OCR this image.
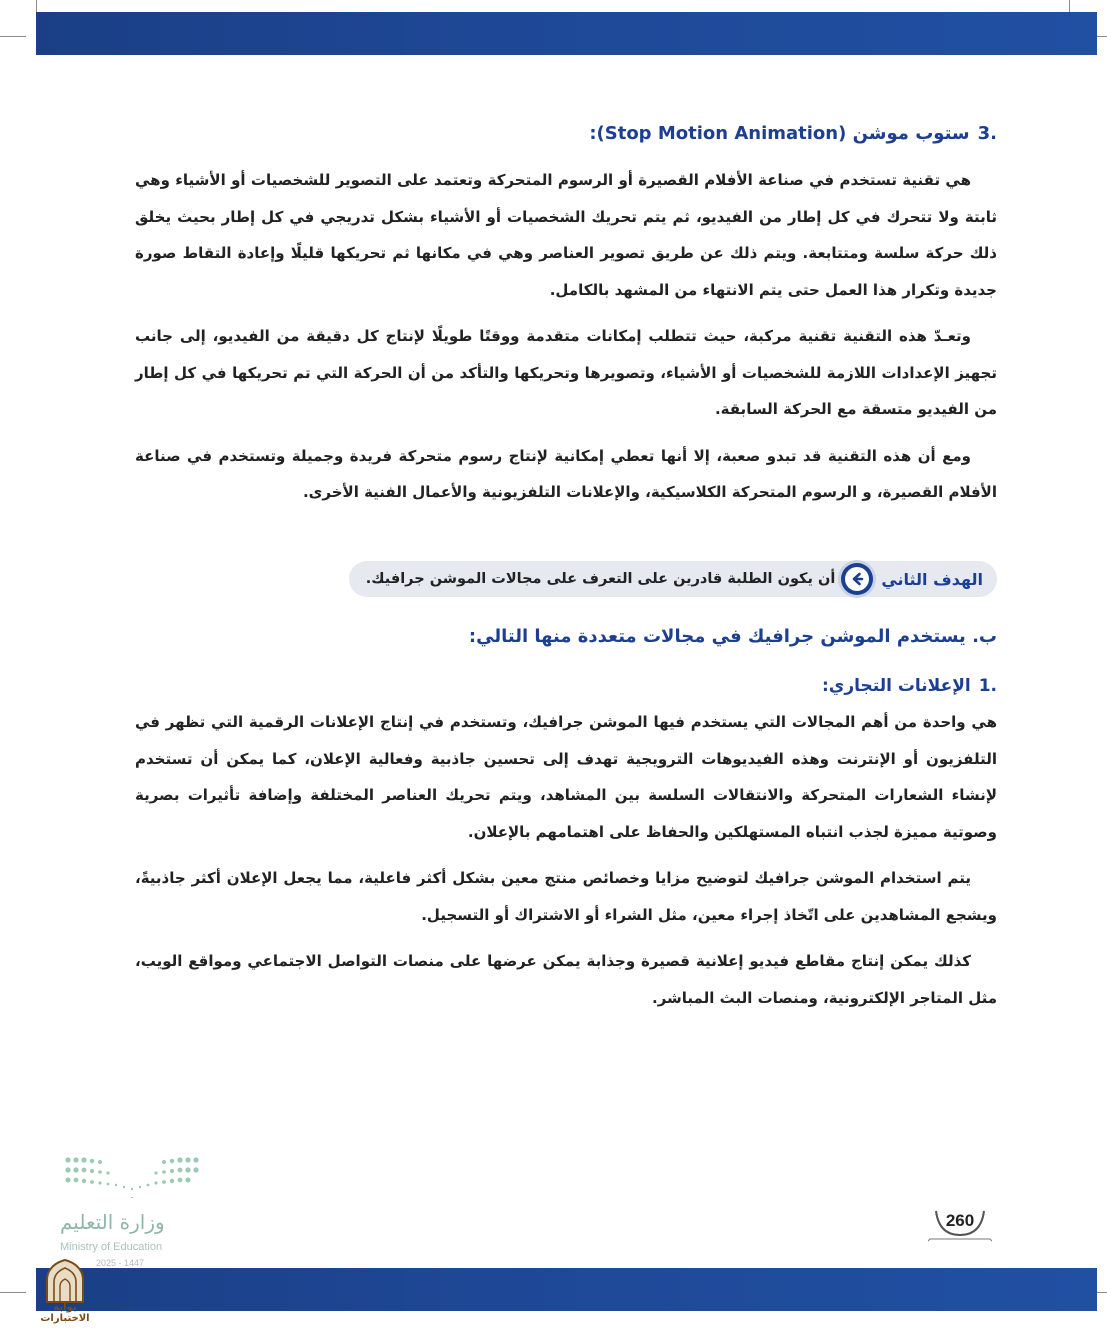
.3ستوب موشن (Stop Motion Animation):

هي تقنية تستخدم في صناعة الأفلام القصيرة أو الرسوم المتحركة وتعتمد على التصوير للشخصيات أو الأشياء وهي ثابتة ولا تتحرك في كل إطار من الفيديو، ثم يتم تحريك الشخصيات أو الأشياء بشكل تدريجي في كل إطار بحيث يخلق ذلك حركة سلسة ومتتابعة. ويتم ذلك عن طريق تصوير العناصر وهي في مكانها ثم تحريكها قليلًا وإعادة التقاط صورة جديدة وتكرار هذا العمل حتى يتم الانتهاء من المشهد بالكامل.

وتعـدّ هذه التقنية تقنية مركبة، حيث تتطلب إمكانات متقدمة ووقتًا طويلًا لإنتاج كل دقيقة من الفيديو، إلى جانب تجهيز الإعدادات اللازمة للشخصيات أو الأشياء، وتصويرها وتحريكها والتأكد من أن الحركة التي تم تحريكها في كل إطار من الفيديو متسقة مع الحركة السابقة.

ومع أن هذه التقنية قد تبدو صعبة، إلا أنها تعطي إمكانية لإنتاج رسوم متحركة فريدة وجميلة وتستخدم في صناعة الأفلام القصيرة، و الرسوم المتحركة الكلاسيكية، والإعلانات التلفزيونية والأعمال الفنية الأخرى.

الهدف الثاني
أن يكون الطلبة قادرين على التعرف على مجالات الموشن جرافيك.
ب. يستخدم الموشن جرافيك في مجالات متعددة منها التالي:
.1الإعلانات التجاري:

هي واحدة من أهم المجالات التي يستخدم فيها الموشن جرافيك، وتستخدم في إنتاج الإعلانات الرقمية التي تظهر في التلفزيون أو الإنترنت وهذه الفيديوهات الترويجية تهدف إلى تحسين جاذبية وفعالية الإعلان، كما يمكن أن تستخدم لإنشاء الشعارات المتحركة والانتقالات السلسة بين المشاهد، ويتم تحريك العناصر المختلفة وإضافة تأثيرات بصرية وصوتية مميزة لجذب انتباه المستهلكين والحفاظ على اهتمامهم بالإعلان.

يتم استخدام الموشن جرافيك لتوضيح مزايا وخصائص منتج معين بشكل أكثر فاعلية، مما يجعل الإعلان أكثر جاذبيةً، ويشجع المشاهدين على اتّخاذ إجراء معين، مثل الشراء أو الاشتراك أو التسجيل.

كذلك يمكن إنتاج مقاطع فيديو إعلانية قصيرة وجذابة يمكن عرضها على منصات التواصل الاجتماعي ومواقع الويب، مثل المتاجر الإلكترونية، ومنصات البث المباشر.

وزارة التعليم
Ministry of Education
2025 - 1447
260
بوابة الاختبارات
